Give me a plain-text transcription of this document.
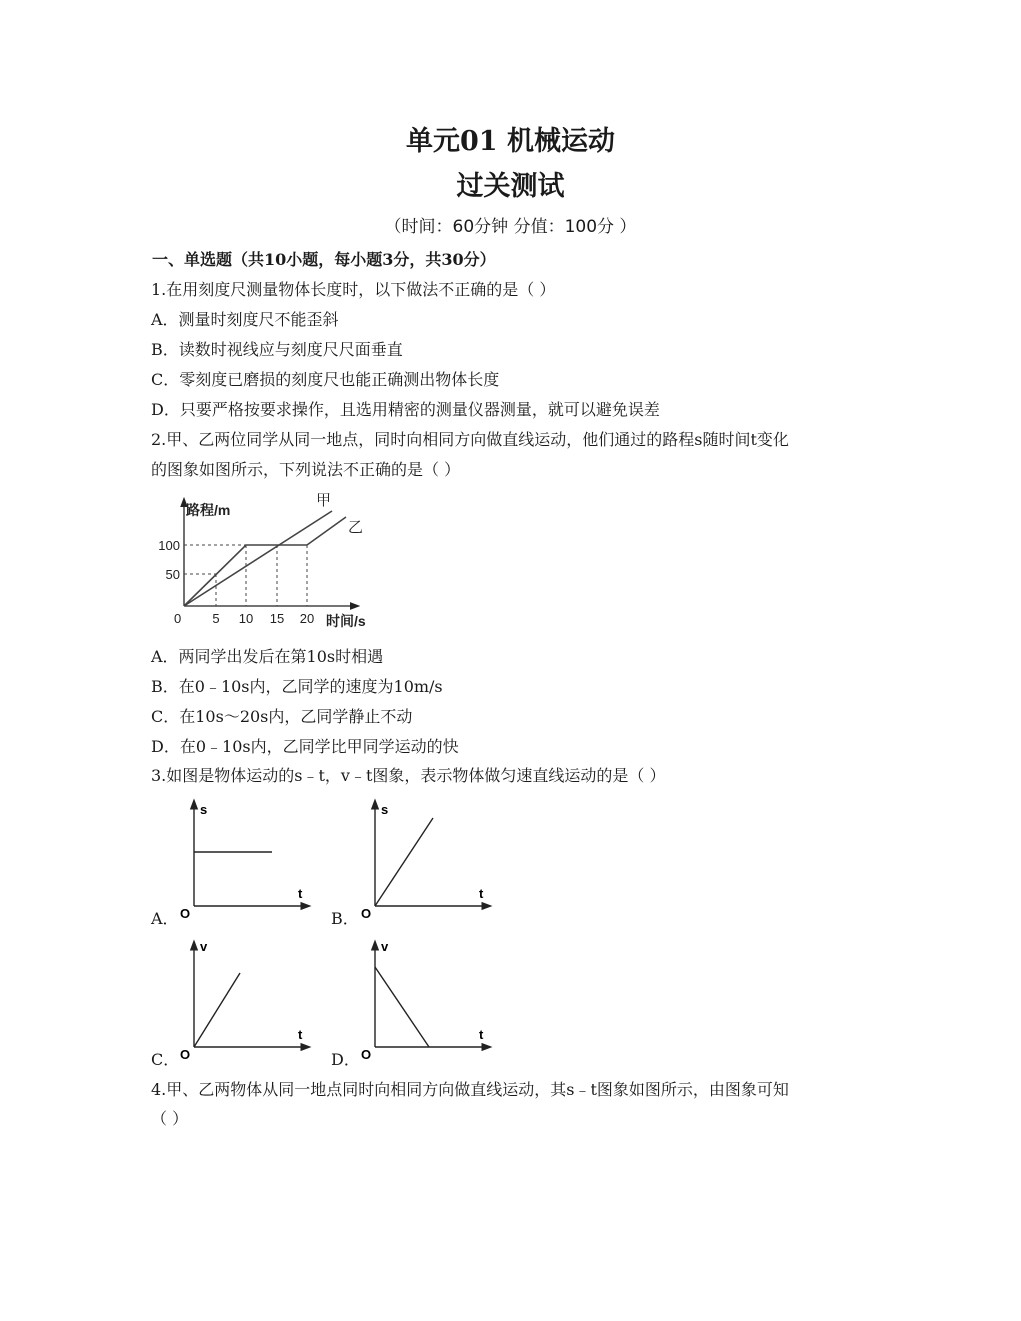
单元01 机械运动
过关测试
（时间：60分钟 分值：100分 ）
一、单选题（共10小题，每小题3分，共30分）
1.在用刻度尺测量物体长度时，以下做法不正确的是（ ）
A．测量时刻度尺不能歪斜
B．读数时视线应与刻度尺尺面垂直
C．零刻度已磨损的刻度尺也能正确测出物体长度
D．只要严格按要求操作，且选用精密的测量仪器测量，就可以避免误差
2.甲、乙两位同学从同一地点，同时向相同方向做直线运动，他们通过的路程s随时间t变化
的图象如图所示，下列说法不正确的是（ ）
路程/m
时间/s
甲
乙
0
50
100
5 10 15 20
A．两同学出发后在第10s时相遇
B．在0﹣10s内，乙同学的速度为10m/s
C．在10s～20s内，乙同学静止不动
D．在0﹣10s内，乙同学比甲同学运动的快
3.如图是物体运动的s﹣t，v﹣t图象，表示物体做匀速直线运动的是（ ）
A．
s
t
O	B．
s
t
O
C．
v
t
O	D．
v
t
O
4.甲、乙两物体从同一地点同时向相同方向做直线运动，其s﹣t图象如图所示，由图象可知
（ ）
